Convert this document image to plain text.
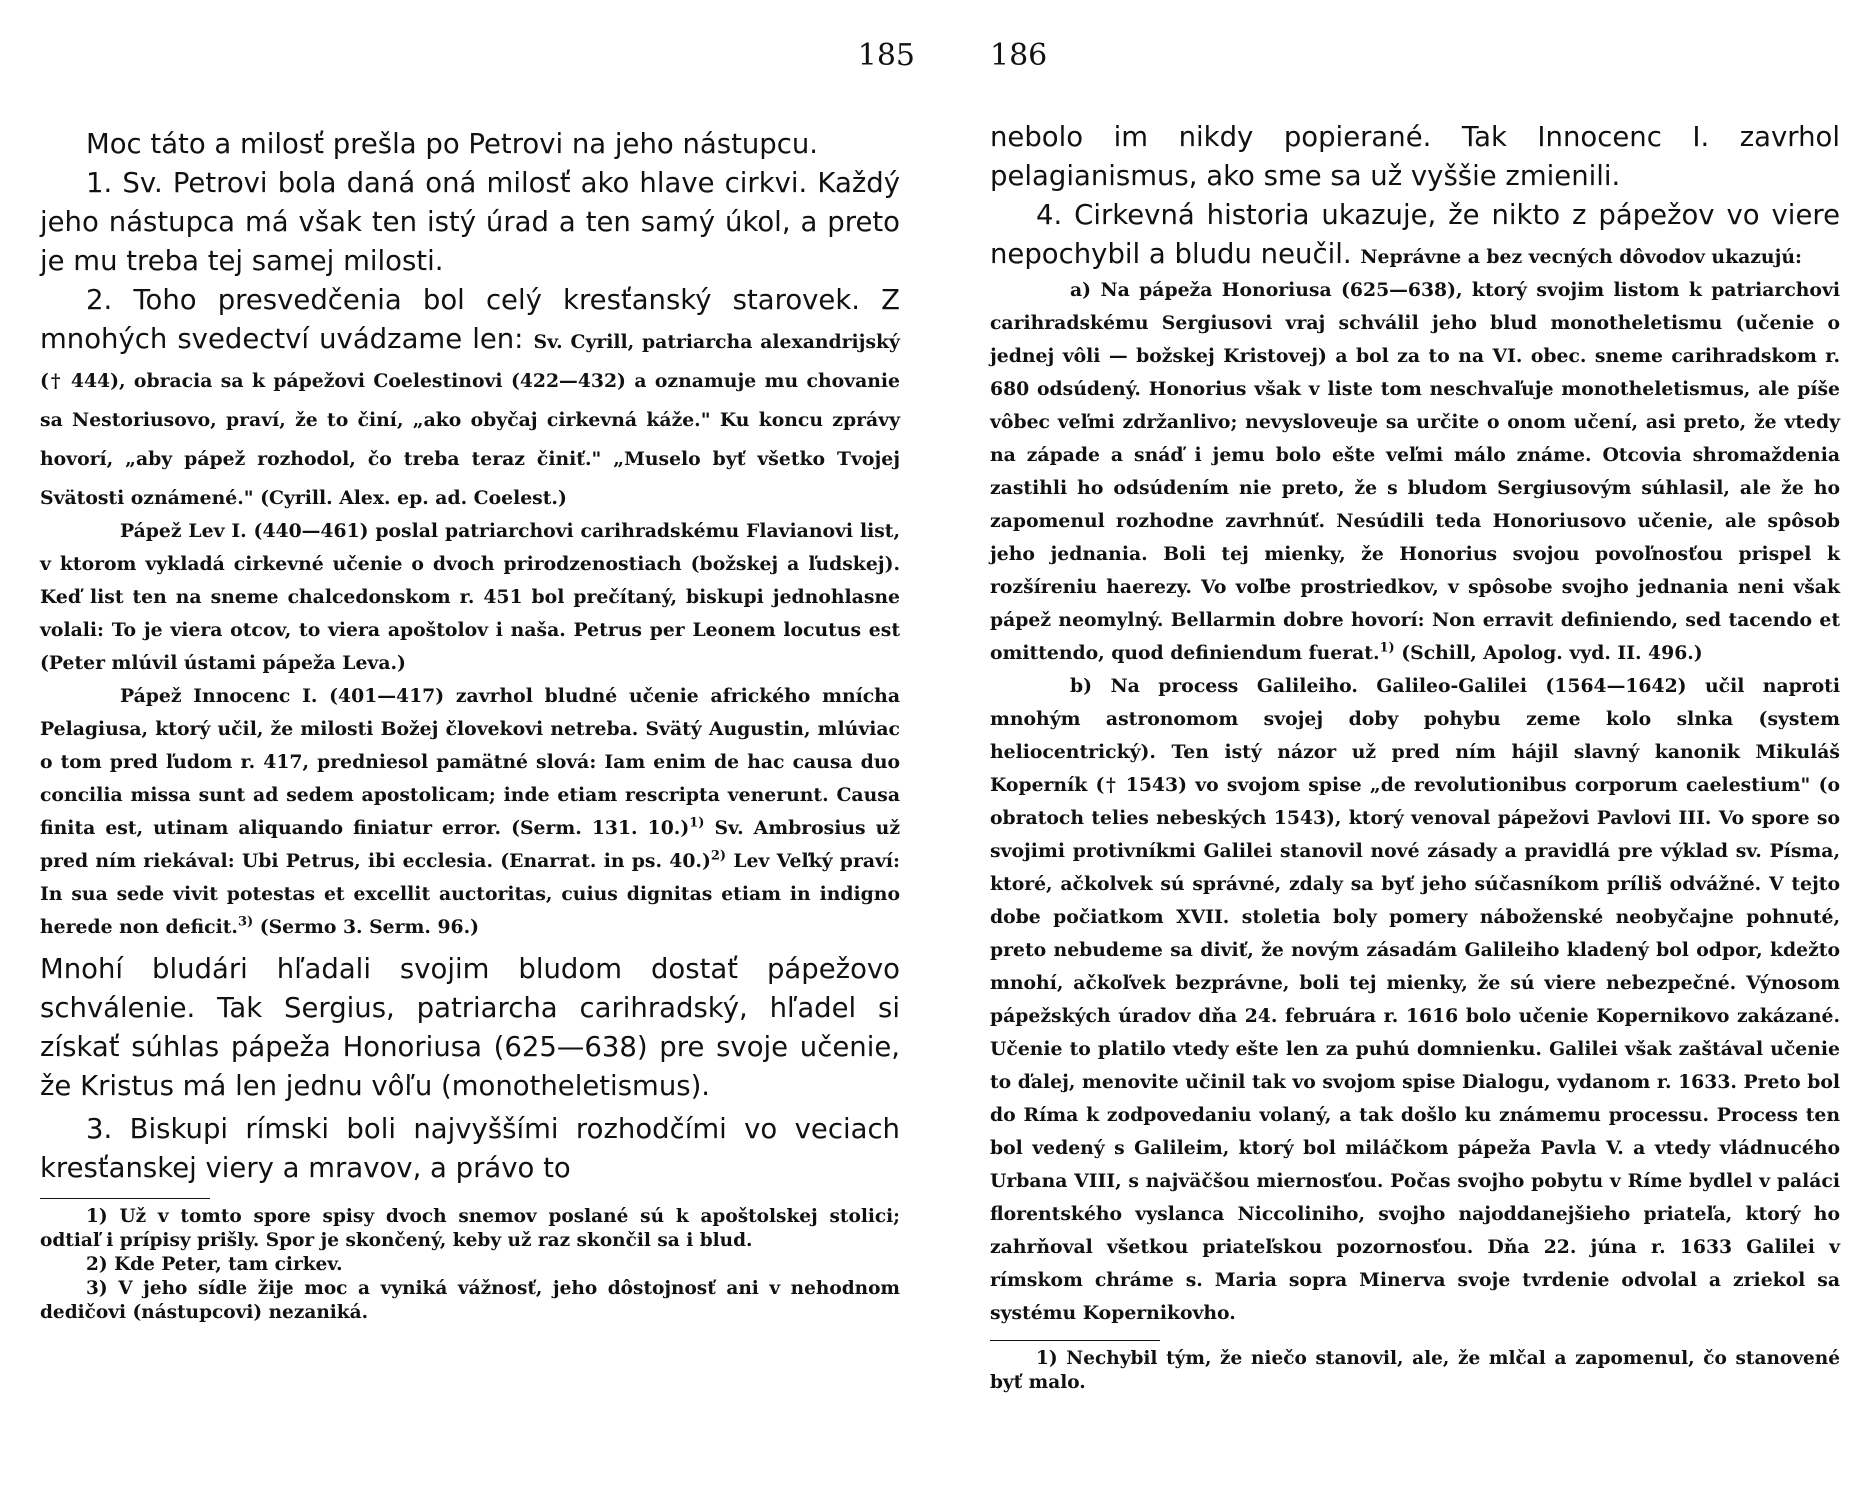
185

Moc táto a milosť prešla po Petrovi na jeho nástupcu.

1. Sv. Petrovi bola daná oná milosť ako hlave cirkvi. Každý jeho nástupca má však ten istý úrad a ten samý úkol, a preto je mu treba tej samej milosti.

2. Toho presvedčenia bol celý kresťanský starovek. Z mnohých svedectví uvádzame len: Sv. Cyrill, patriarcha alexandrijský († 444), obracia sa k pápežovi Coelestinovi (422—432) a oznamuje mu chovanie sa Nestoriusovo, praví, že to činí, „ako obyčaj cirkevná káže." Ku koncu zprávy hovorí, „aby pápež rozhodol, čo treba teraz činiť." „Muselo byť všetko Tvojej Svätosti oznámené." (Cyrill. Alex. ep. ad. Coelest.)

Pápež Lev I. (440—461) poslal patriarchovi carihradskému Flavianovi list, v ktorom vykladá cirkevné učenie o dvoch prirodzenostiach (božskej a ľudskej). Keď list ten na sneme chalcedonskom r. 451 bol prečítaný, biskupi jednohlasne volali: To je viera otcov, to viera apoštolov i naša. Petrus per Leonem locutus est (Peter mlúvil ústami pápeža Leva.)

Pápež Innocenc I. (401—417) zavrhol bludné učenie afrického mnícha Pelagiusa, ktorý učil, že milosti Božej človekovi netreba. Svätý Augustin, mlúviac o tom pred ľudom r. 417, predniesol pamätné slová: Iam enim de hac causa duo concilia missa sunt ad sedem apostolicam; inde etiam rescripta venerunt. Causa finita est, utinam aliquando finiatur error. (Serm. 131. 10.)$^{1)}$ Sv. Ambrosius už pred ním riekával: Ubi Petrus, ibi ecclesia. (Enarrat. in ps. 40.)$^{2)}$ Lev Veľký praví: In sua sede vivit potestas et excellit auctoritas, cuius dignitas etiam in indigno herede non deficit.$^{3)}$ (Sermo 3. Serm. 96.)

Mnohí bludári hľadali svojim bludom dostať pápežovo schválenie. Tak Sergius, patriarcha carihradský, hľadel si získať súhlas pápeža Honoriusa (625—638) pre svoje učenie, že Kristus má len jednu vôľu (monotheletismus).

3. Biskupi rímski boli najvyššími rozhodčími vo veciach kresťanskej viery a mravov, a právo to

1) Už v tomto spore spisy dvoch snemov poslané sú k apoštolskej stolici; odtiaľ i prípisy prišly. Spor je skončený, keby už raz skončil sa i blud.

2) Kde Peter, tam cirkev.

3) V jeho sídle žije moc a vyniká vážnosť, jeho dôstojnosť ani v nehodnom dedičovi (nástupcovi) nezaniká.

186

nebolo im nikdy popierané. Tak Innocenc I. zavrhol pelagianismus, ako sme sa už vyššie zmienili.

4. Cirkevná historia ukazuje, že nikto z pápežov vo viere nepochybil a bludu neučil. Neprávne a bez vecných dôvodov ukazujú:

a) Na pápeža Honoriusa (625—638), ktorý svojim listom k patriarchovi carihradskému Sergiusovi vraj schválil jeho blud monotheletismu (učenie o jednej vôli — božskej Kristovej) a bol za to na VI. obec. sneme carihradskom r. 680 odsúdený. Honorius však v liste tom neschvaľuje monotheletismus, ale píše vôbec veľmi zdržanlivo; nevysloveuje sa určite o onom učení, asi preto, že vtedy na západe a snáď i jemu bolo ešte veľmi málo známe. Otcovia shromaždenia zastihli ho odsúdením nie preto, že s bludom Sergiusovým súhlasil, ale že ho zapomenul rozhodne zavrhnúť. Nesúdili teda Honoriusovo učenie, ale spôsob jeho jednania. Boli tej mienky, že Honorius svojou povoľnosťou prispel k rozšíreniu haerezy. Vo voľbe prostriedkov, v spôsobe svojho jednania neni však pápež neomylný. Bellarmin dobre hovorí: Non erravit definiendo, sed tacendo et omittendo, quod definiendum fuerat.$^{1)}$ (Schill, Apolog. vyd. II. 496.)

b) Na process Galileiho. Galileo-Galilei (1564—1642) učil naproti mnohým astronomom svojej doby pohybu zeme kolo slnka (system heliocentrický). Ten istý názor už pred ním hájil slavný kanonik Mikuláš Koperník († 1543) vo svojom spise „de revolutionibus corporum caelestium" (o obratoch telies nebeských 1543), ktorý venoval pápežovi Pavlovi III. Vo spore so svojimi protivníkmi Galilei stanovil nové zásady a pravidlá pre výklad sv. Písma, ktoré, ačkolvek sú správné, zdaly sa byť jeho súčasníkom príliš odvážné. V tejto dobe počiatkom XVII. stoletia boly pomery náboženské neobyčajne pohnuté, preto nebudeme sa diviť, že novým zásadám Galileiho kladený bol odpor, kdežto mnohí, ačkoľvek bezprávne, boli tej mienky, že sú viere nebezpečné. Výnosom pápežských úradov dňa 24. februára r. 1616 bolo učenie Kopernikovo zakázané. Učenie to platilo vtedy ešte len za puhú domnienku. Galilei však zaštával učenie to ďalej, menovite učinil tak vo svojom spise Dialogu, vydanom r. 1633. Preto bol do Ríma k zodpovedaniu volaný, a tak došlo ku známemu processu. Process ten bol vedený s Galileim, ktorý bol miláčkom pápeža Pavla V. a vtedy vládnucého Urbana VIII, s najväčšou miernosťou. Počas svojho pobytu v Ríme bydlel v paláci florentského vyslanca Niccoliniho, svojho najoddanejšieho priateľa, ktorý ho zahrňoval všetkou priateľskou pozornosťou. Dňa 22. júna r. 1633 Galilei v rímskom chráme s. Maria sopra Minerva svoje tvrdenie odvolal a zriekol sa systému Kopernikovho.

1) Nechybil tým, že niečo stanovil, ale, že mlčal a zapomenul, čo stanovené byť malo.
